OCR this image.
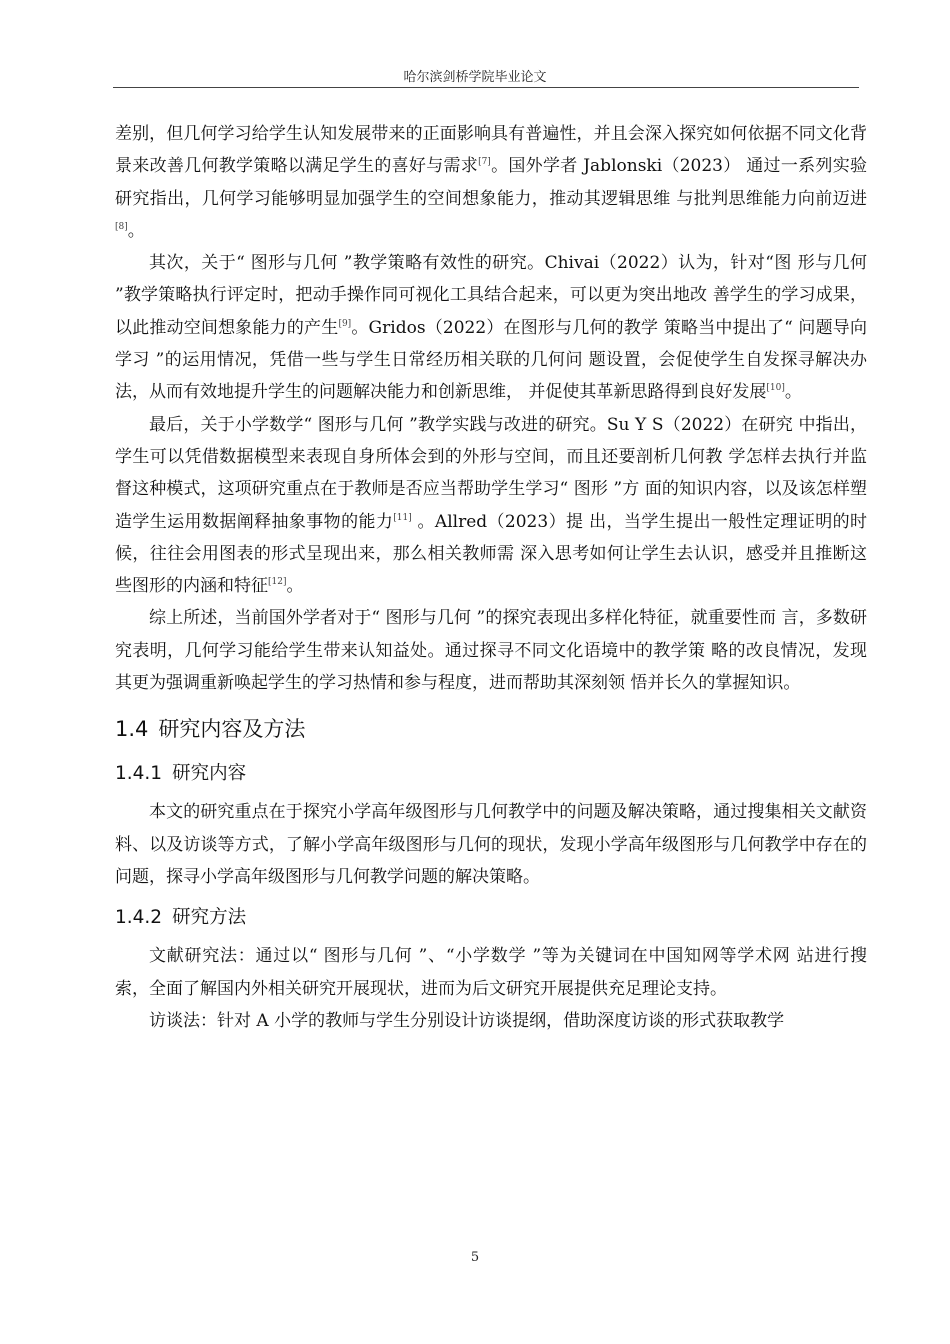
哈尔滨剑桥学院毕业论文

差别，但几何学习给学生认知发展带来的正面影响具有普遍性，并且会深入探究如何依据不同文化背景来改善几何教学策略以满足学生的喜好与需求[7]。国外学者 Jablonski（2023） 通过一系列实验研究指出，几何学习能够明显加强学生的空间想象能力，推动其逻辑思维 与批判思维能力向前迈进[8]。

其次，关于“ 图形与几何 ”教学策略有效性的研究。Chivai（2022）认为，针对“图 形与几何 ”教学策略执行评定时，把动手操作同可视化工具结合起来，可以更为突出地改 善学生的学习成果，以此推动空间想象能力的产生[9]。Gridos（2022）在图形与几何的教学 策略当中提出了“ 问题导向学习 ”的运用情况，凭借一些与学生日常经历相关联的几何问 题设置，会促使学生自发探寻解决办法，从而有效地提升学生的问题解决能力和创新思维， 并促使其革新思路得到良好发展[10]。

最后，关于小学数学“ 图形与几何 ”教学实践与改进的研究。Su Y S（2022）在研究 中指出，学生可以凭借数据模型来表现自身所体会到的外形与空间，而且还要剖析几何教 学怎样去执行并监督这种模式，这项研究重点在于教师是否应当帮助学生学习“ 图形 ”方 面的知识内容，以及该怎样塑造学生运用数据阐释抽象事物的能力[11] 。Allred（2023）提 出，当学生提出一般性定理证明的时候，往往会用图表的形式呈现出来，那么相关教师需 深入思考如何让学生去认识，感受并且推断这些图形的内涵和特征[12]。

综上所述，当前国外学者对于“ 图形与几何 ”的探究表现出多样化特征，就重要性而 言，多数研究表明，几何学习能给学生带来认知益处。通过探寻不同文化语境中的教学策 略的改良情况，发现其更为强调重新唤起学生的学习热情和参与程度，进而帮助其深刻领 悟并长久的掌握知识。

1.4 研究内容及方法
1.4.1 研究内容

本文的研究重点在于探究小学高年级图形与几何教学中的问题及解决策略，通过搜集相关文献资料、以及访谈等方式，了解小学高年级图形与几何的现状，发现小学高年级图形与几何教学中存在的问题，探寻小学高年级图形与几何教学问题的解决策略。

1.4.2 研究方法

文献研究法：通过以“ 图形与几何 ”、“小学数学 ”等为关键词在中国知网等学术网 站进行搜索，全面了解国内外相关研究开展现状，进而为后文研究开展提供充足理论支持。

访谈法：针对 A 小学的教师与学生分别设计访谈提纲，借助深度访谈的形式获取教学

5
